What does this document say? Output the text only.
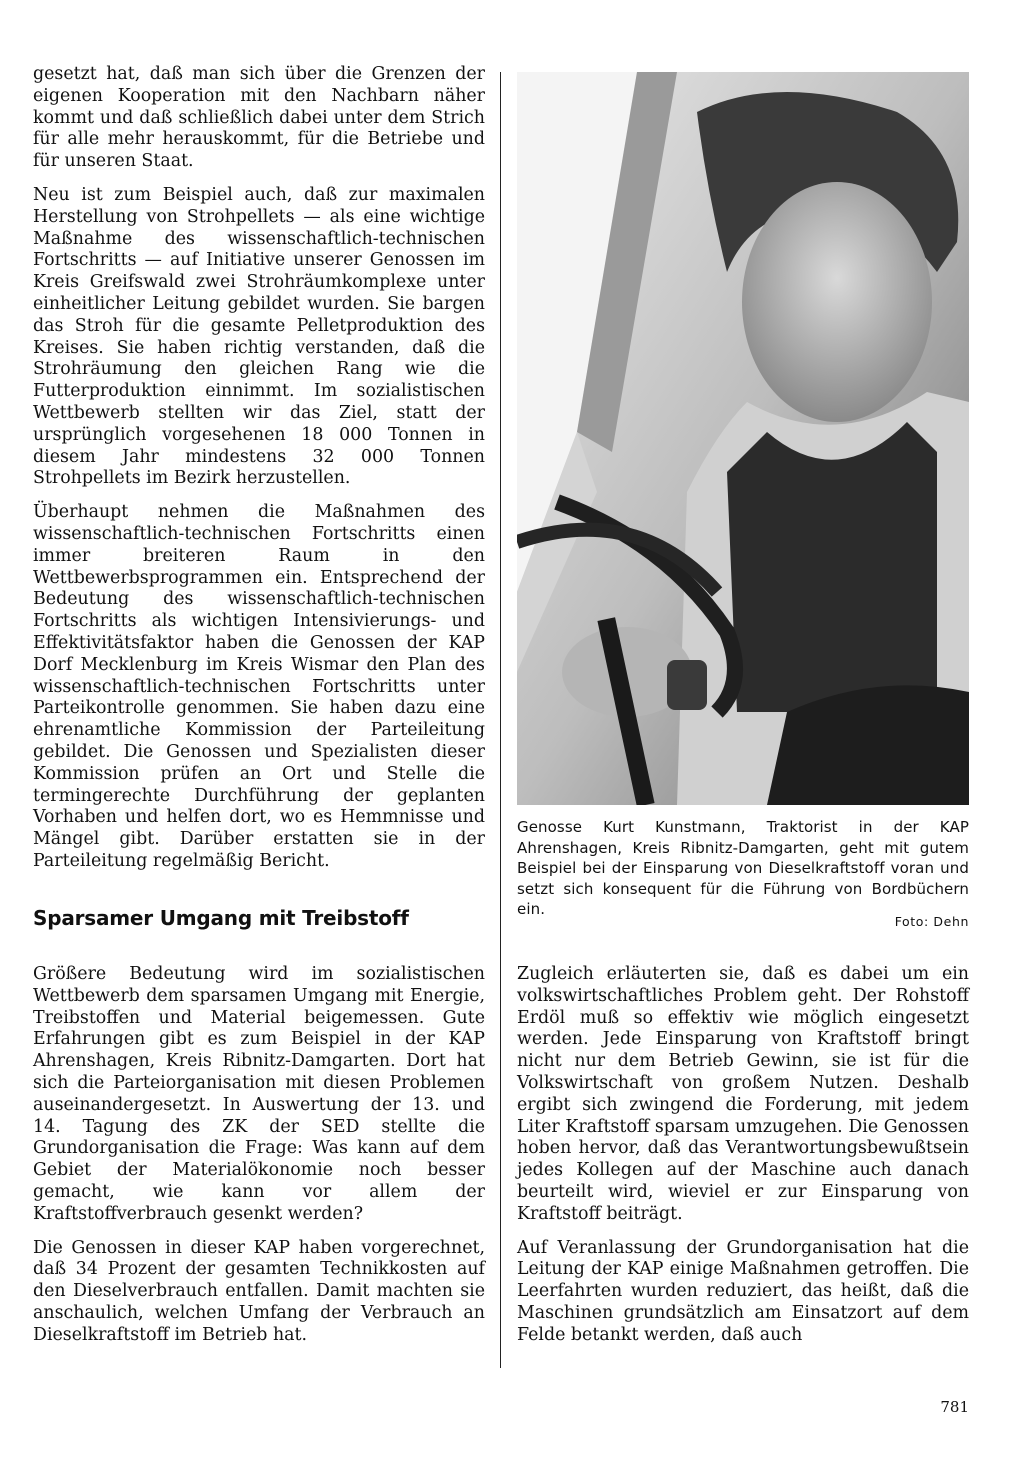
gesetzt hat, daß man sich über die Grenzen der eigenen Kooperation mit den Nachbarn näher kommt und daß schließlich dabei unter dem Strich für alle mehr herauskommt, für die Betriebe und für unseren Staat.

Neu ist zum Beispiel auch, daß zur maximalen Herstellung von Strohpellets — als eine wichtige Maßnahme des wissenschaftlich-technischen Fortschritts — auf Initiative unserer Genossen im Kreis Greifswald zwei Strohräumkomplexe unter einheitlicher Leitung gebildet wurden. Sie bargen das Stroh für die gesamte Pelletproduktion des Kreises. Sie haben richtig verstanden, daß die Strohräumung den gleichen Rang wie die Futterproduktion einnimmt. Im sozialistischen Wettbewerb stellten wir das Ziel, statt der ursprünglich vorgesehenen 18 000 Tonnen in diesem Jahr mindestens 32 000 Tonnen Strohpellets im Bezirk herzustellen.

Überhaupt nehmen die Maßnahmen des wissenschaftlich-technischen Fortschritts einen immer breiteren Raum in den Wettbewerbsprogrammen ein. Entsprechend der Bedeutung des wissenschaftlich-technischen Fortschritts als wichtigen Intensivierungs- und Effektivitätsfaktor haben die Genossen der KAP Dorf Mecklenburg im Kreis Wismar den Plan des wissenschaftlich-technischen Fortschritts unter Parteikontrolle genommen. Sie haben dazu eine ehrenamtliche Kommission der Parteileitung gebildet. Die Genossen und Spezialisten dieser Kommission prüfen an Ort und Stelle die termingerechte Durchführung der geplanten Vorhaben und helfen dort, wo es Hemmnisse und Mängel gibt. Darüber erstatten sie in der Parteileitung regelmäßig Bericht.

Sparsamer Umgang mit Treibstoff

Größere Bedeutung wird im sozialistischen Wettbewerb dem sparsamen Umgang mit Energie, Treibstoffen und Material beigemessen. Gute Erfahrungen gibt es zum Beispiel in der KAP Ahrenshagen, Kreis Ribnitz-Damgarten. Dort hat sich die Parteiorganisation mit diesen Problemen auseinandergesetzt. In Auswertung der 13. und 14. Tagung des ZK der SED stellte die Grundorganisation die Frage: Was kann auf dem Gebiet der Materialökonomie noch besser gemacht, wie kann vor allem der Kraftstoffverbrauch gesenkt werden?

Die Genossen in dieser KAP haben vorgerechnet, daß 34 Prozent der gesamten Technikkosten auf den Dieselverbrauch entfallen. Damit machten sie anschaulich, welchen Umfang der Verbrauch an Dieselkraftstoff im Betrieb hat.

Genosse Kurt Kunstmann, Traktorist in der KAP Ahrenshagen, Kreis Ribnitz-Damgarten, geht mit gutem Beispiel bei der Einsparung von Dieselkraftstoff voran und setzt sich konsequent für die Führung von Bordbüchern ein.
Foto: Dehn

Zugleich erläuterten sie, daß es dabei um ein volkswirtschaftliches Problem geht. Der Rohstoff Erdöl muß so effektiv wie möglich eingesetzt werden. Jede Einsparung von Kraftstoff bringt nicht nur dem Betrieb Gewinn, sie ist für die Volkswirtschaft von großem Nutzen. Deshalb ergibt sich zwingend die Forderung, mit jedem Liter Kraftstoff sparsam umzugehen. Die Genossen hoben hervor, daß das Verantwortungsbewußtsein jedes Kollegen auf der Maschine auch danach beurteilt wird, wieviel er zur Einsparung von Kraftstoff beiträgt.

Auf Veranlassung der Grundorganisation hat die Leitung der KAP einige Maßnahmen getroffen. Die Leerfahrten wurden reduziert, das heißt, daß die Maschinen grundsätzlich am Einsatzort auf dem Felde betankt werden, daß auch

781
